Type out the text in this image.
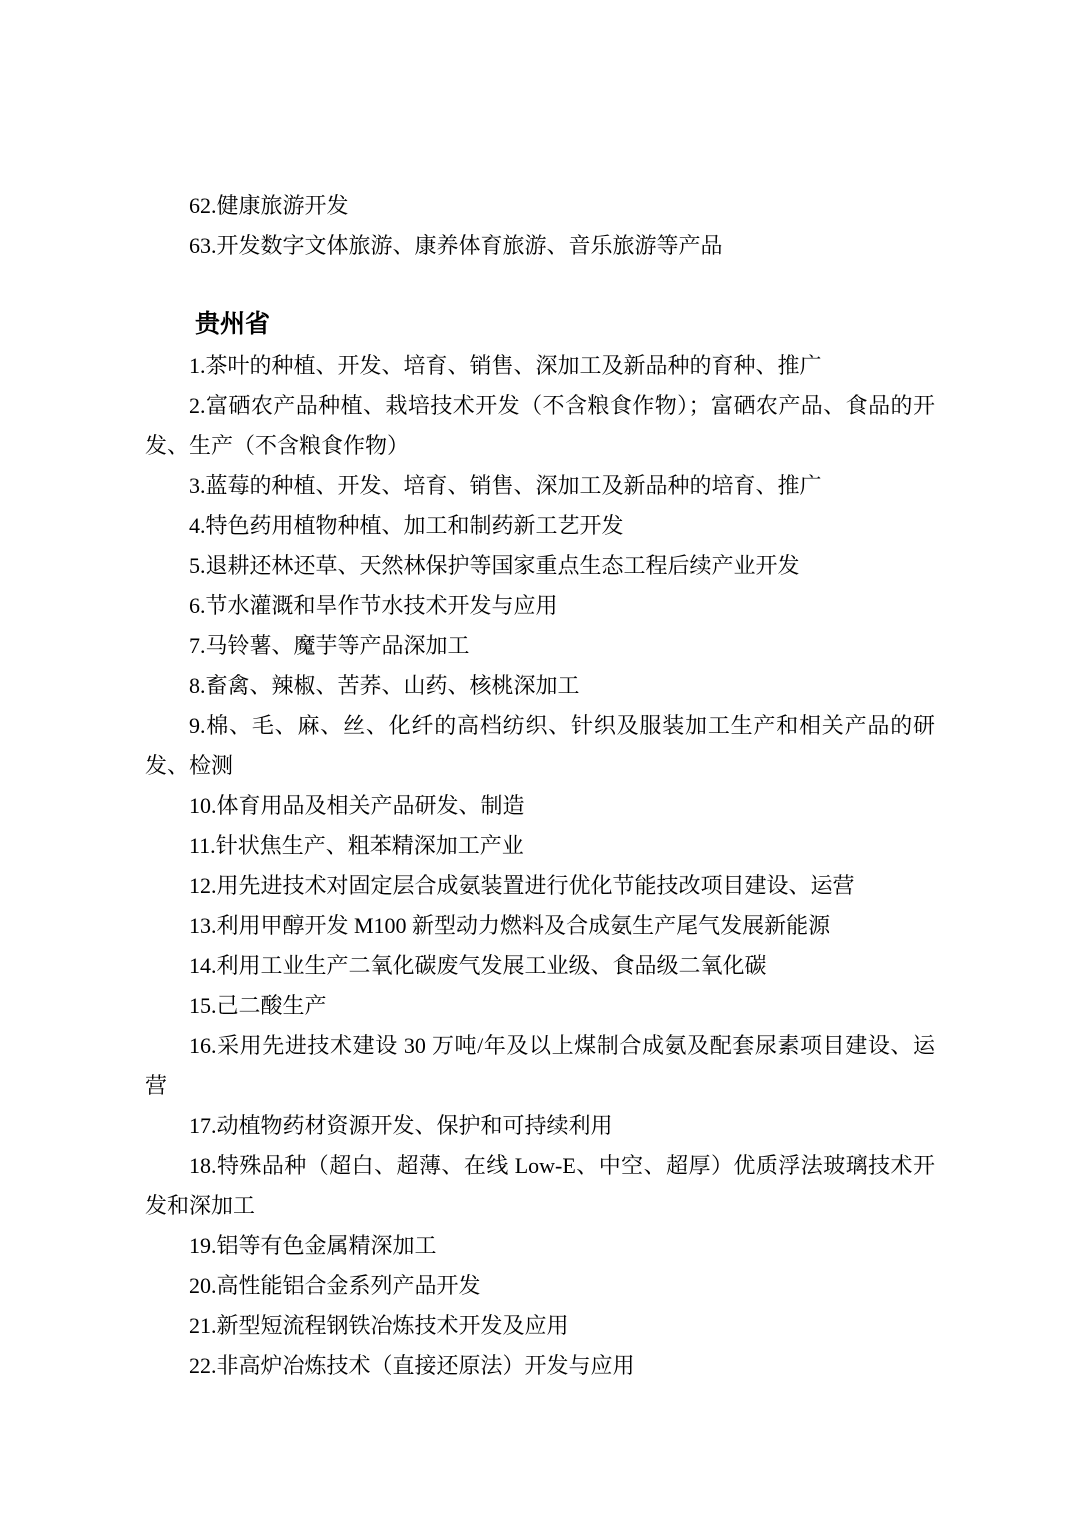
62.健康旅游开发

63.开发数字文体旅游、康养体育旅游、音乐旅游等产品

贵州省

1.茶叶的种植、开发、培育、销售、深加工及新品种的育种、推广

2.富硒农产品种植、栽培技术开发（不含粮食作物）；富硒农产品、食品的开发、生产（不含粮食作物）

3.蓝莓的种植、开发、培育、销售、深加工及新品种的培育、推广

4.特色药用植物种植、加工和制药新工艺开发

5.退耕还林还草、天然林保护等国家重点生态工程后续产业开发

6.节水灌溉和旱作节水技术开发与应用

7.马铃薯、魔芋等产品深加工

8.畜禽、辣椒、苦荞、山药、核桃深加工

9.棉、毛、麻、丝、化纤的高档纺织、针织及服装加工生产和相关产品的研发、检测

10.体育用品及相关产品研发、制造

11.针状焦生产、粗苯精深加工产业

12.用先进技术对固定层合成氨装置进行优化节能技改项目建设、运营

13.利用甲醇开发 M100 新型动力燃料及合成氨生产尾气发展新能源

14.利用工业生产二氧化碳废气发展工业级、食品级二氧化碳

15.己二酸生产

16.采用先进技术建设 30 万吨/年及以上煤制合成氨及配套尿素项目建设、运营

17.动植物药材资源开发、保护和可持续利用

18.特殊品种（超白、超薄、在线 Low-E、中空、超厚）优质浮法玻璃技术开发和深加工

19.铝等有色金属精深加工

20.高性能铝合金系列产品开发

21.新型短流程钢铁冶炼技术开发及应用

22.非高炉冶炼技术（直接还原法）开发与应用
